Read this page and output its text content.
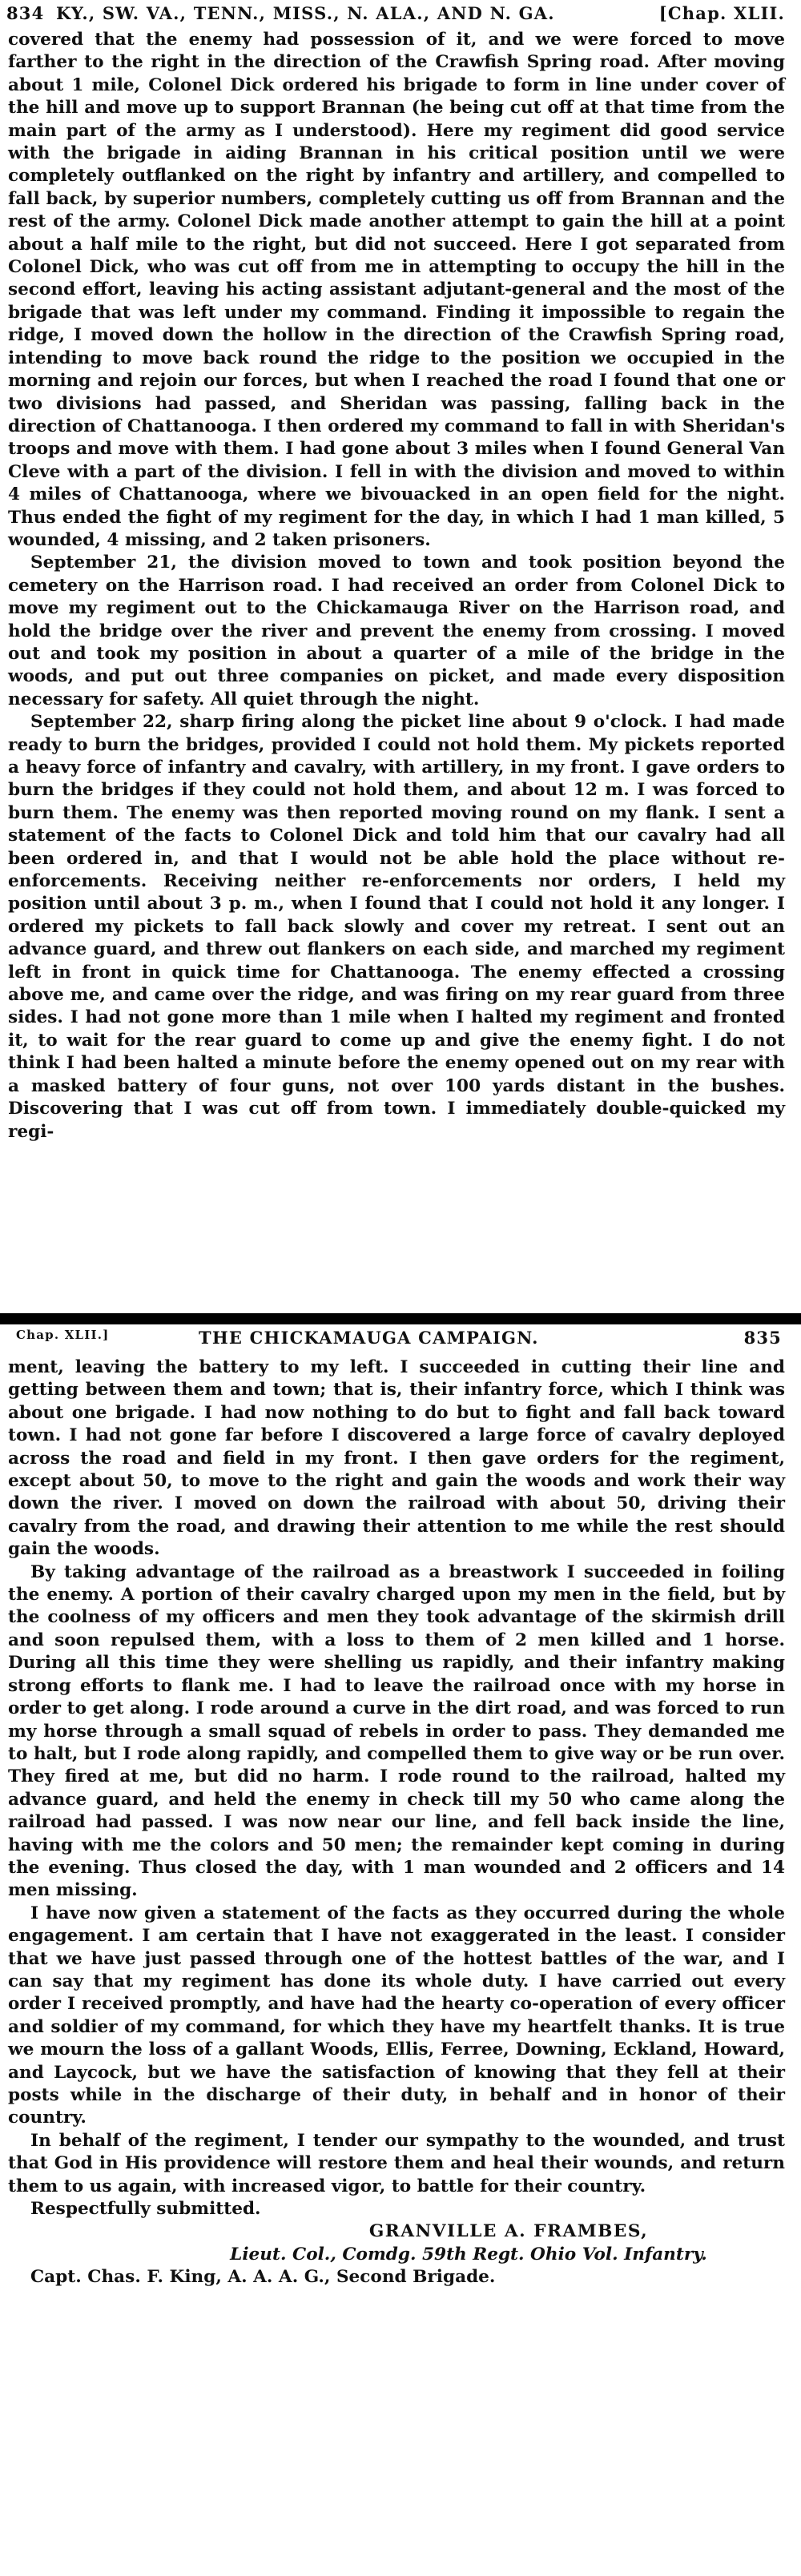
834 KY., SW. VA., TENN., MISS., N. ALA., AND N. GA.	[Chap. XLII.

covered that the enemy had possession of it, and we were forced to move farther to the right in the direction of the Crawfish Spring road. After moving about 1 mile, Colonel Dick ordered his brigade to form in line under cover of the hill and move up to support Brannan (he being cut off at that time from the main part of the army as I understood). Here my regiment did good service with the brigade in aiding Brannan in his critical position until we were completely outflanked on the right by infantry and artillery, and compelled to fall back, by superior numbers, completely cutting us off from Brannan and the rest of the army. Colonel Dick made another attempt to gain the hill at a point about a half mile to the right, but did not succeed. Here I got separated from Colonel Dick, who was cut off from me in attempting to occupy the hill in the second effort, leaving his acting assistant adjutant-general and the most of the brigade that was left under my command. Finding it impossible to regain the ridge, I moved down the hollow in the direction of the Crawfish Spring road, intending to move back round the ridge to the position we occupied in the morning and rejoin our forces, but when I reached the road I found that one or two divisions had passed, and Sheridan was passing, falling back in the direction of Chattanooga. I then ordered my command to fall in with Sheridan's troops and move with them. I had gone about 3 miles when I found General Van Cleve with a part of the division. I fell in with the division and moved to within 4 miles of Chattanooga, where we bivouacked in an open field for the night. Thus ended the fight of my regiment for the day, in which I had 1 man killed, 5 wounded, 4 missing, and 2 taken prisoners.

September 21, the division moved to town and took position beyond the cemetery on the Harrison road. I had received an order from Colonel Dick to move my regiment out to the Chickamauga River on the Harrison road, and hold the bridge over the river and prevent the enemy from crossing. I moved out and took my position in about a quarter of a mile of the bridge in the woods, and put out three companies on picket, and made every disposition necessary for safety. All quiet through the night.

September 22, sharp firing along the picket line about 9 o'clock. I had made ready to burn the bridges, provided I could not hold them. My pickets reported a heavy force of infantry and cavalry, with artillery, in my front. I gave orders to burn the bridges if they could not hold them, and about 12 m. I was forced to burn them. The enemy was then reported moving round on my flank. I sent a statement of the facts to Colonel Dick and told him that our cavalry had all been ordered in, and that I would not be able hold the place without re-enforcements. Receiving neither re-enforcements nor orders, I held my position until about 3 p. m., when I found that I could not hold it any longer. I ordered my pickets to fall back slowly and cover my retreat. I sent out an advance guard, and threw out flankers on each side, and marched my regiment left in front in quick time for Chattanooga. The enemy effected a crossing above me, and came over the ridge, and was firing on my rear guard from three sides. I had not gone more than 1 mile when I halted my regiment and fronted it, to wait for the rear guard to come up and give the enemy fight. I do not think I had been halted a minute before the enemy opened out on my rear with a masked battery of four guns, not over 100 yards distant in the bushes. Discovering that I was cut off from town. I immediately double-quicked my regi-

Chap. XLII.]	THE CHICKAMAUGA CAMPAIGN.	835

ment, leaving the battery to my left. I succeeded in cutting their line and getting between them and town; that is, their infantry force, which I think was about one brigade. I had now nothing to do but to fight and fall back toward town. I had not gone far before I discovered a large force of cavalry deployed across the road and field in my front. I then gave orders for the regiment, except about 50, to move to the right and gain the woods and work their way down the river. I moved on down the railroad with about 50, driving their cavalry from the road, and drawing their attention to me while the rest should gain the woods.

By taking advantage of the railroad as a breastwork I succeeded in foiling the enemy. A portion of their cavalry charged upon my men in the field, but by the coolness of my officers and men they took advantage of the skirmish drill and soon repulsed them, with a loss to them of 2 men killed and 1 horse. During all this time they were shelling us rapidly, and their infantry making strong efforts to flank me. I had to leave the railroad once with my horse in order to get along. I rode around a curve in the dirt road, and was forced to run my horse through a small squad of rebels in order to pass. They demanded me to halt, but I rode along rapidly, and compelled them to give way or be run over. They fired at me, but did no harm. I rode round to the railroad, halted my advance guard, and held the enemy in check till my 50 who came along the railroad had passed. I was now near our line, and fell back inside the line, having with me the colors and 50 men; the remainder kept coming in during the evening. Thus closed the day, with 1 man wounded and 2 officers and 14 men missing.

I have now given a statement of the facts as they occurred during the whole engagement. I am certain that I have not exaggerated in the least. I consider that we have just passed through one of the hottest battles of the war, and I can say that my regiment has done its whole duty. I have carried out every order I received promptly, and have had the hearty co-operation of every officer and soldier of my command, for which they have my heartfelt thanks. It is true we mourn the loss of a gallant Woods, Ellis, Ferree, Downing, Eckland, Howard, and Laycock, but we have the satisfaction of knowing that they fell at their posts while in the discharge of their duty, in behalf and in honor of their country.

In behalf of the regiment, I tender our sympathy to the wounded, and trust that God in His providence will restore them and heal their wounds, and return them to us again, with increased vigor, to battle for their country.

Respectfully submitted.

GRANVILLE A. FRAMBES,
Lieut. Col., Comdg. 59th Regt. Ohio Vol. Infantry.

Capt. Chas. F. King, A. A. A. G., Second Brigade.
